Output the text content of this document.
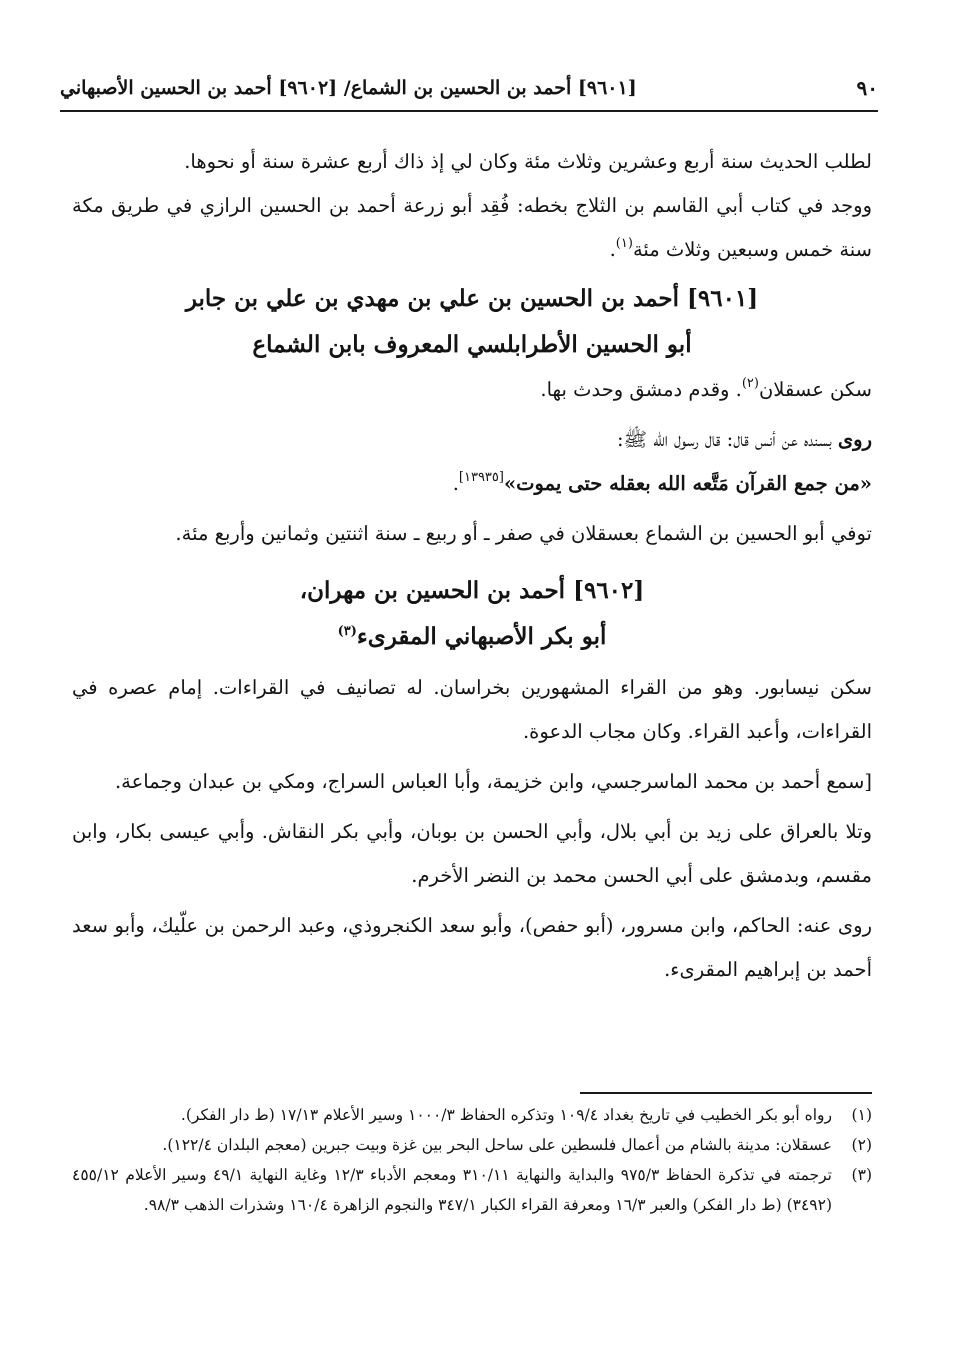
٩٠
[٩٦٠١] أحمد بن الحسين بن الشماع/ [٩٦٠٢] أحمد بن الحسين الأصبهاني

لطلب الحديث سنة أربع وعشرين وثلاث مئة وكان لي إذ ذاك أربع عشرة سنة أو نحوها.

ووجد في كتاب أبي القاسم بن الثلاج بخطه: فُقِد أبو زرعة أحمد بن الحسين الرازي في طريق مكة سنة خمس وسبعين وثلاث مئة$^{(١)}$.

[٩٦٠١] أحمد بن الحسين بن علي بن مهدي بن علي بن جابر
أبو الحسين الأطرابلسي المعروف بابن الشماع

سكن عسقلان$^{(٢)}$. وقدم دمشق وحدث بها.

روى بسنده عن أنس قال: قال رسول الله ﷺ:

«من جمع القرآن مَتَّعه الله بعقله حتى يموت»[١٣٩٣٥].

توفي أبو الحسين بن الشماع بعسقلان في صفر ـ أو ربيع ـ سنة اثنتين وثمانين وأربع مئة.

[٩٦٠٢] أحمد بن الحسين بن مهران،
أبو بكر الأصبهاني المقرىء$^{(٣)}$

سكن نيسابور. وهو من القراء المشهورين بخراسان. له تصانيف في القراءات. إمام عصره في القراءات، وأعبد القراء. وكان مجاب الدعوة.

[سمع أحمد بن محمد الماسرجسي، وابن خزيمة، وأبا العباس السراج، ومكي بن عبدان وجماعة.

وتلا بالعراق على زيد بن أبي بلال، وأبي الحسن بن بوبان، وأبي بكر النقاش. وأبي عيسى بكار، وابن مقسم، وبدمشق على أبي الحسن محمد بن النضر الأخرم.

روى عنه: الحاكم، وابن مسرور، (أبو حفص)، وأبو سعد الكنجروذي، وعبد الرحمن بن علّيك، وأبو سعد أحمد بن إبراهيم المقرىء.

(١)
رواه أبو بكر الخطيب في تاريخ بغداد ١٠٩/٤ وتذكره الحفاظ ١٠٠٠/٣ وسير الأعلام ١٧/١٣ (ط دار الفكر).

(٢)
عسقلان: مدينة بالشام من أعمال فلسطين على ساحل البحر بين غزة وبيت جبرين (معجم البلدان ١٢٢/٤).

(٣)
ترجمته في تذكرة الحفاظ ٩٧٥/٣ والبداية والنهاية ٣١٠/١١ ومعجم الأدباء ١٢/٣ وغاية النهاية ٤٩/١ وسير الأعلام ٤٥٥/١٢ (٣٤٩٢) (ط دار الفكر) والعبر ١٦/٣ ومعرفة القراء الكبار ٣٤٧/١ والنجوم الزاهرة ١٦٠/٤ وشذرات الذهب ٩٨/٣.
